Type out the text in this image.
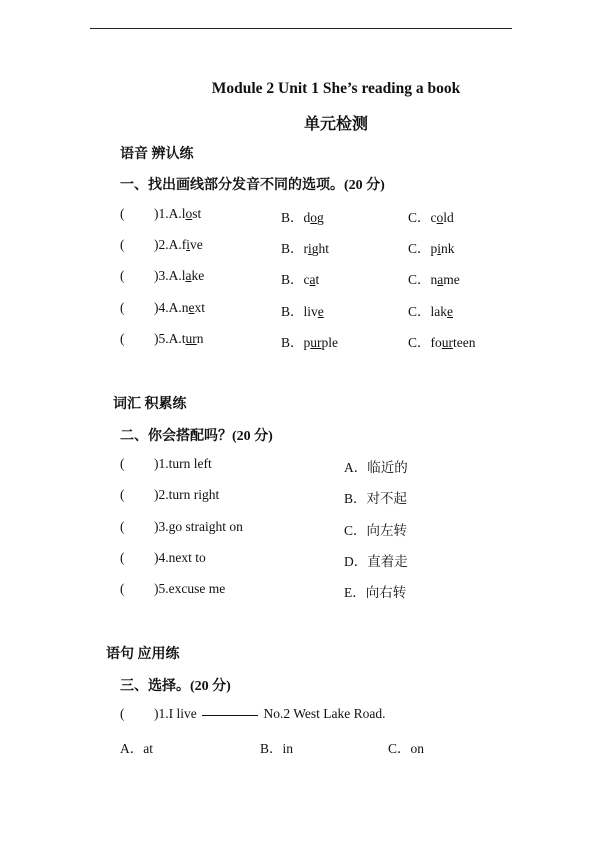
Module 2 Unit 1 She’s reading a book
单元检测
语音 辨认练
一、找出画线部分发音不同的选项。(20 分)
( )1.A.lost	B．dog	C．cold
( )2.A.five	B．right	C．pink
( )3.A.lake	B．cat	C．name
( )4.A.next	B．live	C．lake
( )5.A.turn	B．purple	C．fourteen
词汇 积累练
二、你会搭配吗？(20 分)
( )1.turn left	A．临近的
( )2.turn right	B．对不起
( )3.go straight on	C．向左转
( )4.next to	D．直着走
( )5.excuse me	E．向右转
语句 应用练
三、选择。(20 分)
( )1.I live	No.2 West Lake Road.
A．at	B．in	C．on
